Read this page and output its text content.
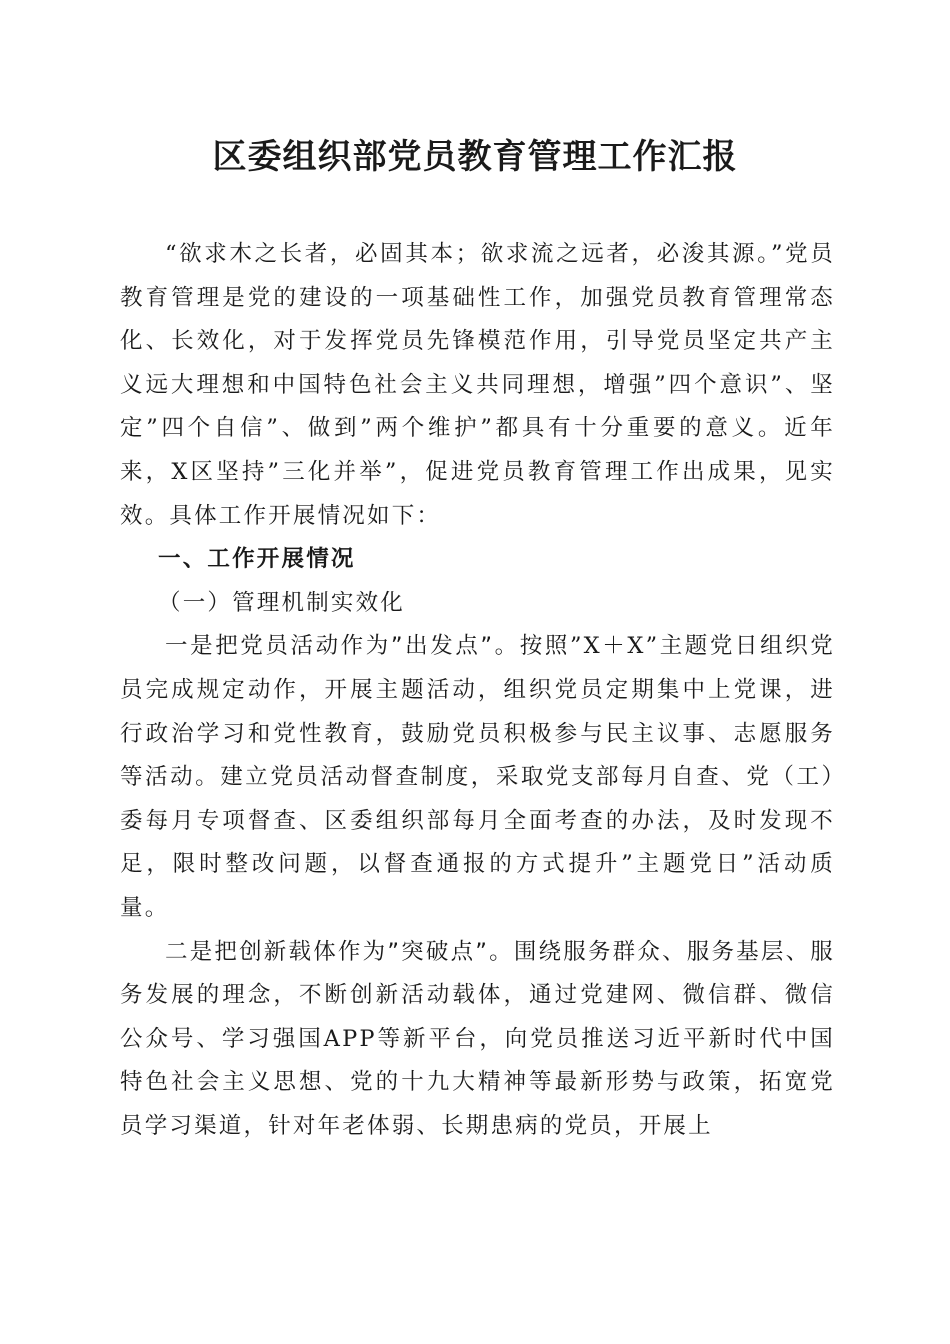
区委组织部党员教育管理工作汇报

“欲求木之长者，必固其本；欲求流之远者，必浚其源。”党员教育管理是党的建设的一项基础性工作，加强党员教育管理常态化、长效化，对于发挥党员先锋模范作用，引导党员坚定共产主义远大理想和中国特色社会主义共同理想，增强”四个意识”、坚定”四个自信”、做到”两个维护”都具有十分重要的意义。近年来，X区坚持”三化并举”，促进党员教育管理工作出成果，见实效。具体工作开展情况如下：

一、工作开展情况

（一）管理机制实效化

一是把党员活动作为”出发点”。按照”X＋X”主题党日组织党员完成规定动作，开展主题活动，组织党员定期集中上党课，进行政治学习和党性教育，鼓励党员积极参与民主议事、志愿服务等活动。建立党员活动督查制度，采取党支部每月自查、党（工）委每月专项督查、区委组织部每月全面考查的办法，及时发现不足，限时整改问题，以督查通报的方式提升”主题党日”活动质量。

二是把创新载体作为”突破点”。围绕服务群众、服务基层、服务发展的理念，不断创新活动载体，通过党建网、微信群、微信公众号、学习强国APP等新平台，向党员推送习近平新时代中国特色社会主义思想、党的十九大精神等最新形势与政策，拓宽党员学习渠道，针对年老体弱、长期患病的党员，开展上
